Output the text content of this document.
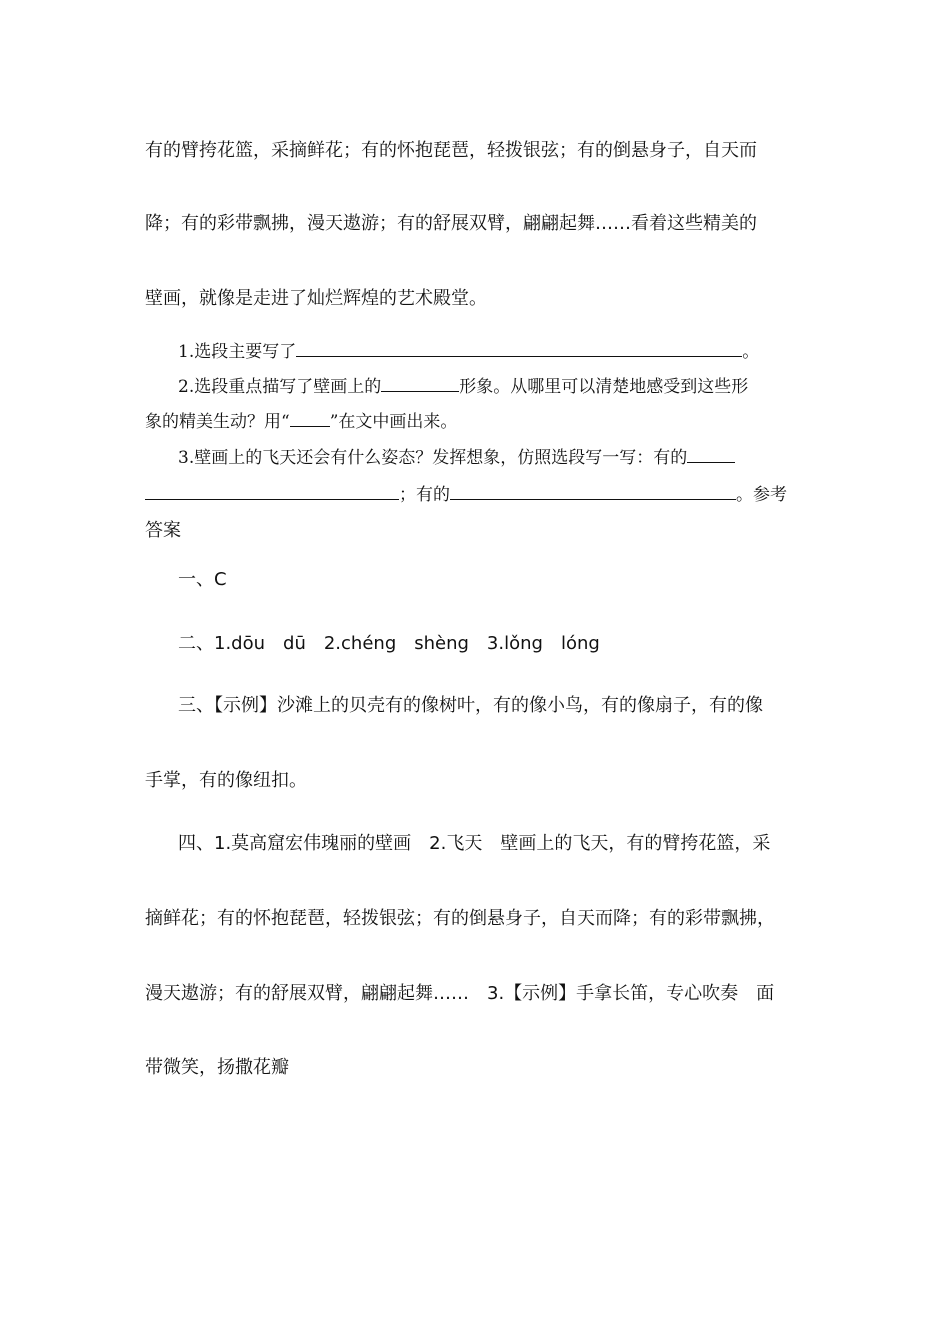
有的臂挎花篮，采摘鲜花；有的怀抱琵琶，轻拨银弦；有的倒悬身子，自天而
降；有的彩带飘拂，漫天遨游；有的舒展双臂，翩翩起舞……看着这些精美的
壁画，就像是走进了灿烂辉煌的艺术殿堂。
1.选段主要写了	。
2.选段重点描写了壁画上的	形象。从哪里可以清楚地感受到这些形
象的精美生动？用“ ”在文中画出来。
3.壁画上的飞天还会有什么姿态？发挥想象，仿照选段写一写：有的
；有的	。参考
答案
一、C
二、1.dōu　dū　2.chéng　shèng　3.lǒng　lóng
三、【示例】沙滩上的贝壳有的像树叶，有的像小鸟，有的像扇子，有的像
手掌，有的像纽扣。
四、1.莫高窟宏伟瑰丽的壁画　2.飞天　壁画上的飞天，有的臂挎花篮，采
摘鲜花；有的怀抱琵琶，轻拨银弦；有的倒悬身子，自天而降；有的彩带飘拂，
漫天遨游；有的舒展双臂，翩翩起舞……　3.【示例】手拿长笛，专心吹奏　面
带微笑，扬撒花瓣
